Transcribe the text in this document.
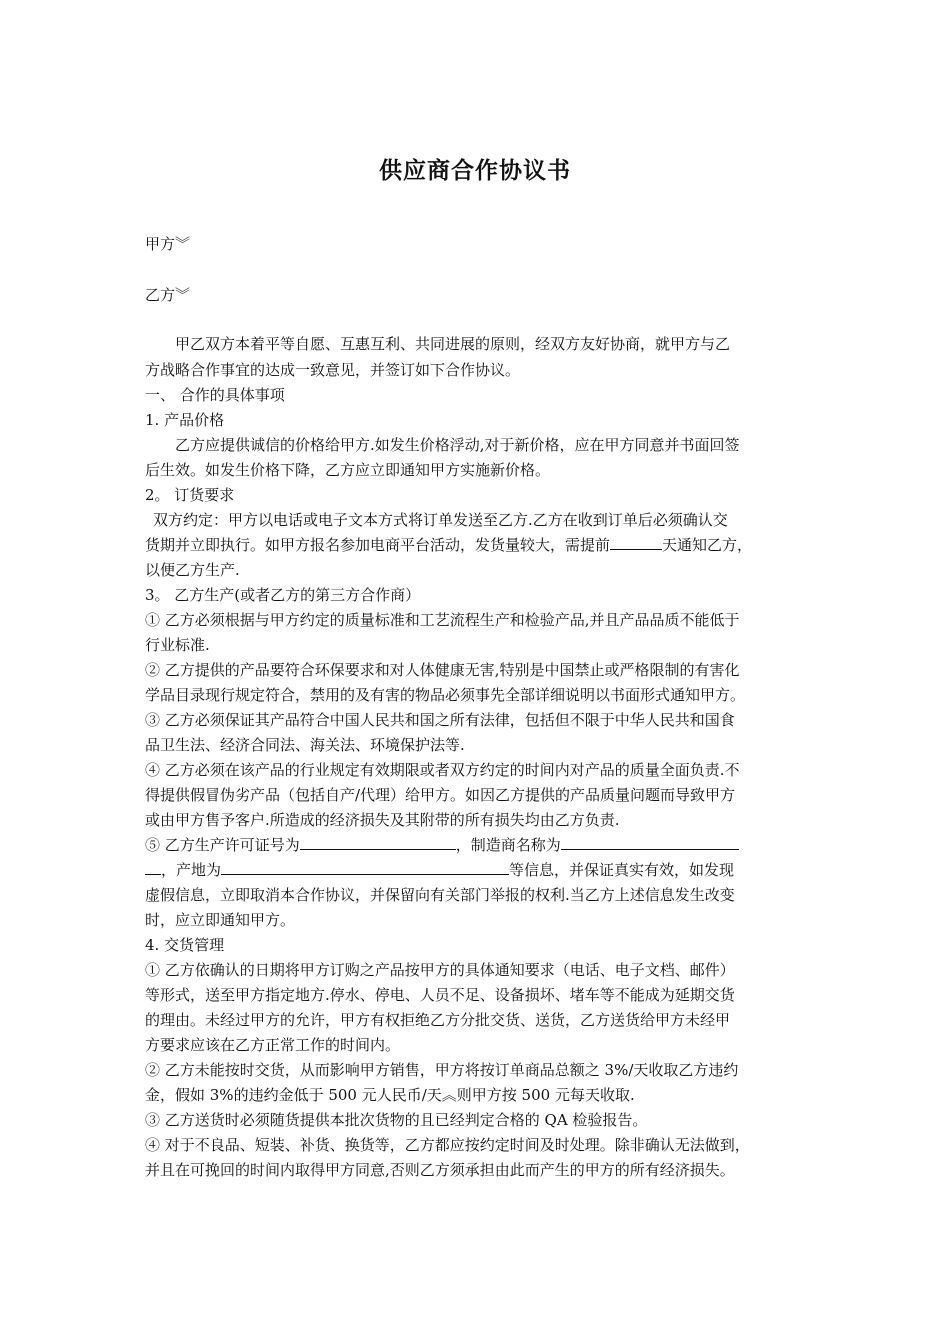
供应商合作协议书
甲方︾
乙方︾
甲乙双方本着平等自愿、互惠互利、共同进展的原则，经双方友好协商，就甲方与乙
方战略合作事宜的达成一致意见，并签订如下合作协议。
一、 合作的具体事项
1. 产品价格
乙方应提供诚信的价格给甲方.如发生价格浮动,对于新价格，应在甲方同意并书面回签
后生效。如发生价格下降，乙方应立即通知甲方实施新价格。
2。 订货要求
双方约定：甲方以电话或电子文本方式将订单发送至乙方.乙方在收到订单后必须确认交
货期并立即执行。如甲方报名参加电商平台活动，发货量较大，需提前	天通知乙方，
以便乙方生产.
3。 乙方生产(或者乙方的第三方合作商）
① 乙方必须根据与甲方约定的质量标准和工艺流程生产和检验产品,并且产品品质不能低于
行业标准.
② 乙方提供的产品要符合环保要求和对人体健康无害,特别是中国禁止或严格限制的有害化
学品目录现行规定符合，禁用的及有害的物品必须事先全部详细说明以书面形式通知甲方。
③ 乙方必须保证其产品符合中国人民共和国之所有法律，包括但不限于中华人民共和国食
品卫生法、经济合同法、海关法、环境保护法等.
④ 乙方必须在该产品的行业规定有效期限或者双方约定的时间内对产品的质量全面负责.不
得提供假冒伪劣产品（包括自产/代理）给甲方。如因乙方提供的产品质量问题而导致甲方
或由甲方售予客户.所造成的经济损失及其附带的所有损失均由乙方负责.
⑤ 乙方生产许可证号为	，制造商名称为
，产地为	等信息，并保证真实有效，如发现
虚假信息，立即取消本合作协议，并保留向有关部门举报的权利.当乙方上述信息发生改变
时，应立即通知甲方。
4. 交货管理
① 乙方依确认的日期将甲方订购之产品按甲方的具体通知要求（电话、电子文档、邮件）
等形式，送至甲方指定地方.停水、停电、人员不足、设备损坏、堵车等不能成为延期交货
的理由。未经过甲方的允许，甲方有权拒绝乙方分批交货、送货，乙方送货给甲方未经甲
方要求应该在乙方正常工作的时间内。
② 乙方未能按时交货，从而影响甲方销售，甲方将按订单商品总额之 3%/天收取乙方违约
金，假如 3%的违约金低于 500 元人民币/天︽则甲方按 500 元每天收取.
③ 乙方送货时必须随货提供本批次货物的且已经判定合格的 QA 检验报告。
④ 对于不良品、短装、补货、换货等，乙方都应按约定时间及时处理。除非确认无法做到，
并且在可挽回的时间内取得甲方同意,否则乙方须承担由此而产生的甲方的所有经济损失。
